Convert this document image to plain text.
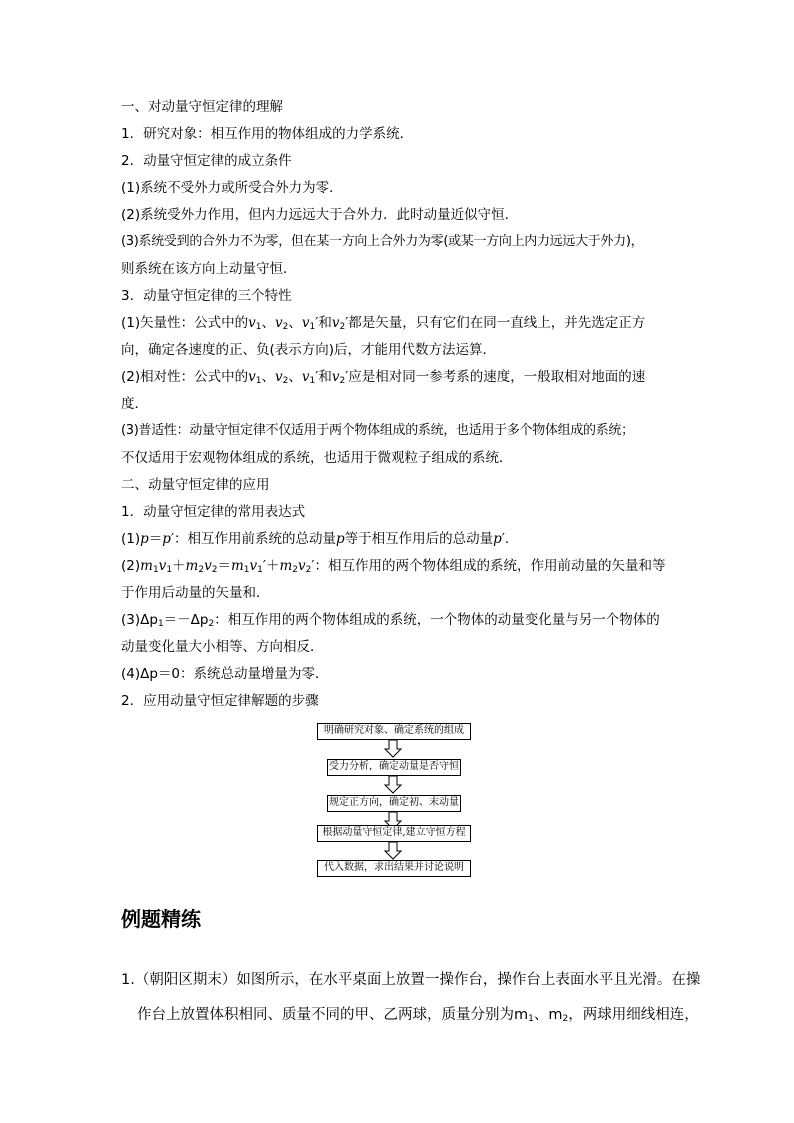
一、对动量守恒定律的理解
1．研究对象：相互作用的物体组成的力学系统．
2．动量守恒定律的成立条件
(1)系统不受外力或所受合外力为零．
(2)系统受外力作用，但内力远远大于合外力．此时动量近似守恒．
(3)系统受到的合外力不为零，但在某一方向上合外力为零(或某一方向上内力远远大于外力)，
则系统在该方向上动量守恒．
3．动量守恒定律的三个特性
(1)矢量性：公式中的$v_1$、$v_2$、$v_1'$和$v_2'$都是矢量，只有它们在同一直线上，并先选定正方
向，确定各速度的正、负(表示方向)后，才能用代数方法运算．
(2)相对性：公式中的$v_1$、$v_2$、$v_1'$和$v_2'$应是相对同一参考系的速度，一般取相对地面的速
度．
(3)普适性：动量守恒定律不仅适用于两个物体组成的系统，也适用于多个物体组成的系统；
不仅适用于宏观物体组成的系统，也适用于微观粒子组成的系统．
二、动量守恒定律的应用
1．动量守恒定律的常用表达式
(1)p＝p′：相互作用前系统的总动量p等于相互作用后的总动量p′.
$(2)m_1v_1+m_2v_2=m_1v_1'+m_2v_2'$：相互作用的两个物体组成的系统，作用前动量的矢量和等
于作用后动量的矢量和．
$(3)\Delta p_1=-\Delta p_2$：相互作用的两个物体组成的系统，一个物体的动量变化量与另一个物体的
动量变化量大小相等、方向相反．
(4)Δp＝0：系统总动量增量为零．
2．应用动量守恒定律解题的步骤
明确研究对象、确定系统的组成
受力分析，确定动量是否守恒
规定正方向，确定初、末动量
根据动量守恒定律,建立守恒方程
代入数据，求出结果并讨论说明
例题精练
1.（朝阳区期末）如图所示，在水平桌面上放置一操作台，操作台上表面水平且光滑。在操
作台上放置体积相同、质量不同的甲、乙两球，质量分别为$m_1$、$m_2$，两球用细线相连，
